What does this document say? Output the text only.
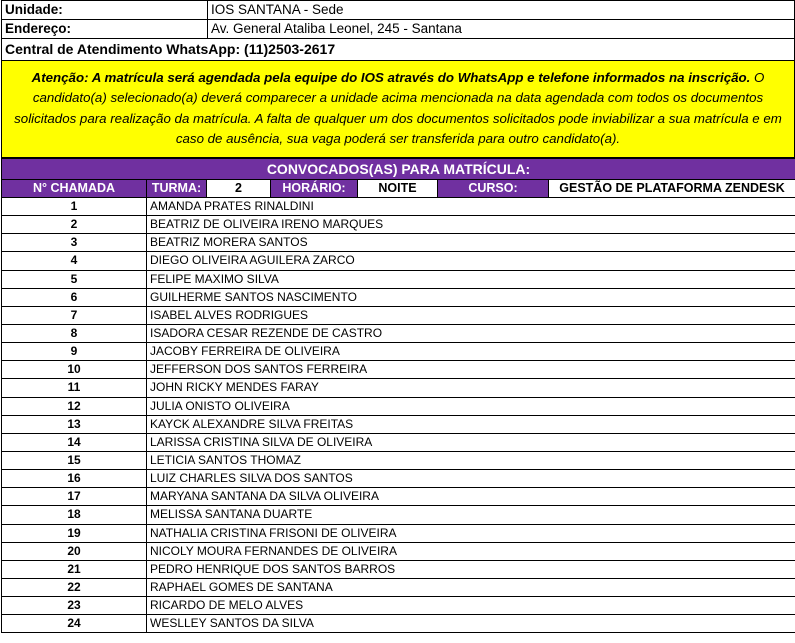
Unidade:	IOS SANTANA - Sede
Endereço:	Av. General Ataliba Leonel, 245 - Santana
Central de Atendimento WhatsApp: (11)2503-2617
Atenção: A matrícula será agendada pela equipe do IOS através do WhatsApp e telefone informados na inscrição. O candidato(a) selecionado(a) deverá comparecer a unidade acima mencionada na data agendada com todos os documentos solicitados para realização da matrícula. A falta de qualquer um dos documentos solicitados pode inviabilizar a sua matrícula e em caso de ausência, sua vaga poderá ser transferida para outro candidato(a).
CONVOCADOS(AS) PARA MATRÍCULA:						
N° CHAMADA	TURMA:	2	HORÁRIO:	NOITE	CURSO:	GESTÃO DE PLATAFORMA ZENDESK
1	AMANDA PRATES RINALDINI					
2	BEATRIZ DE OLIVEIRA IRENO MARQUES					
3	BEATRIZ MORERA SANTOS					
4	DIEGO OLIVEIRA AGUILERA ZARCO					
5	FELIPE MAXIMO SILVA					
6	GUILHERME SANTOS NASCIMENTO					
7	ISABEL ALVES RODRIGUES					
8	ISADORA CESAR REZENDE DE CASTRO					
9	JACOBY FERREIRA DE OLIVEIRA					
10	JEFFERSON DOS SANTOS FERREIRA					
11	JOHN RICKY MENDES FARAY					
12	JULIA ONISTO OLIVEIRA					
13	KAYCK ALEXANDRE SILVA FREITAS					
14	LARISSA CRISTINA SILVA DE OLIVEIRA					
15	LETICIA SANTOS THOMAZ					
16	LUIZ CHARLES SILVA DOS SANTOS					
17	MARYANA SANTANA DA SILVA OLIVEIRA					
18	MELISSA SANTANA DUARTE					
19	NATHALIA CRISTINA FRISONI DE OLIVEIRA					
20	NICOLY MOURA FERNANDES DE OLIVEIRA					
21	PEDRO HENRIQUE DOS SANTOS BARROS					
22	RAPHAEL GOMES DE SANTANA					
23	RICARDO DE MELO ALVES					
24	WESLLEY SANTOS DA SILVA					
